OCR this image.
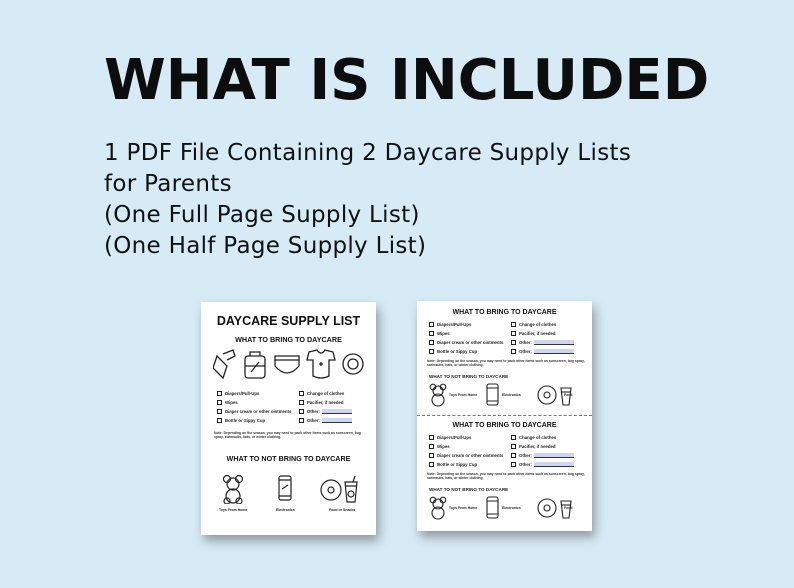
WHAT IS INCLUDED
1 PDF File Containing 2 Daycare Supply Lists
for Parents
(One Full Page Supply List)
(One Half Page Supply List)
DAYCARE SUPPLY LIST
WHAT TO BRING TO DAYCARE
Diapers/Pull-Ups
Wipes
Diaper cream or other ointments
Bottle or Sippy Cup
Change of clothes
Pacifier, if needed
Other:
Other:
Note: Depending on the season, you may need to pack other items such as sunscreen, bug spray, swimsuits, hats, or winter clothing.
WHAT TO NOT BRING TO DAYCARE
Toys From Home	Electronics	Food or Snacks
WHAT TO BRING TO DAYCARE
Diapers/Pull-Ups
Wipes
Diaper cream or other ointments
Bottle or Sippy Cup
Change of clothes
Pacifier, if needed
Other:
Other:
Note: Depending on the season, you may need to pack other items such as sunscreen, bug spray, swimsuits, hats, or winter clothing.
WHAT TO NOT BRING TO DAYCARE
Toys From Home	Electronics	Food
WHAT TO BRING TO DAYCARE
Diapers/Pull-Ups
Wipes
Diaper cream or other ointments
Bottle or Sippy Cup
Change of clothes
Pacifier, if needed
Other:
Other:
Note: Depending on the season, you may need to pack other items such as sunscreen, bug spray, swimsuits, hats, or winter clothing.
WHAT TO NOT BRING TO DAYCARE
Toys From Home	Electronics	Food
